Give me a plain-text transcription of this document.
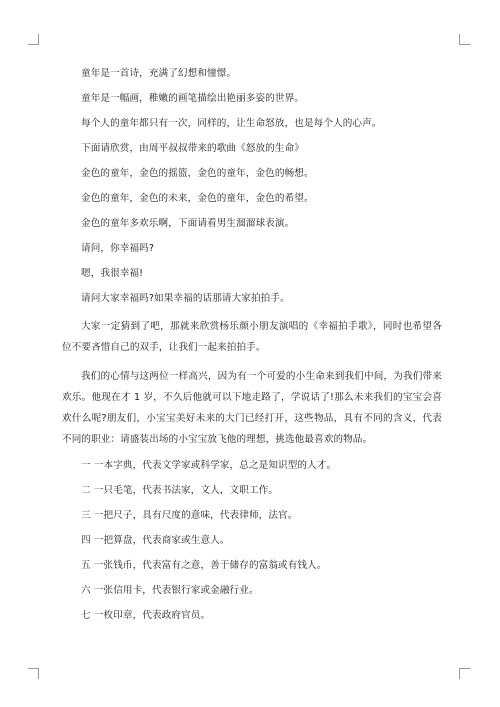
童年是一首诗，充满了幻想和憧憬。

童年是一幅画，稚嫩的画笔描绘出艳丽多姿的世界。

每个人的童年都只有一次，同样的，让生命怒放，也是每个人的心声。

下面请欣赏，由周平叔叔带来的歌曲《怒放的生命》

金色的童年，金色的摇篮，金色的童年，金色的畅想。

金色的童年，金色的未来，金色的童年，金色的希望。

金色的童年多欢乐啊，下面请看男生溜溜球表演。

请问，你幸福吗?

嗯，我很幸福!

请问大家幸福吗?如果幸福的话那请大家拍拍手。

大家一定猜到了吧，那就来欣赏杨乐颜小朋友演唱的《幸福拍手歌》，同时也希望各位不要吝惜自己的双手，让我们一起来拍拍手。

我们的心情与这两位一样高兴，因为有一个可爱的小生命来到我们中间，为我们带来欢乐。他现在才 1 岁，不久后他就可以下地走路了，学说话了!那么未来我们的宝宝会喜欢什么呢?朋友们，小宝宝美好未来的大门已经打开，这些物品，具有不同的含义，代表不同的职业：请盛装出场的小宝宝放飞他的理想，挑选他最喜欢的物品。

一 一本字典，代表文学家或科学家，总之是知识型的人才。

二 一只毛笔，代表书法家，文人，文职工作。

三 一把尺子，具有尺度的意味，代表律师，法官。

四 一把算盘，代表商家或生意人。

五 一张钱币，代表富有之意，善于储存的富翁或有钱人。

六 一张信用卡，代表银行家或金融行业。

七 一枚印章，代表政府官员。
